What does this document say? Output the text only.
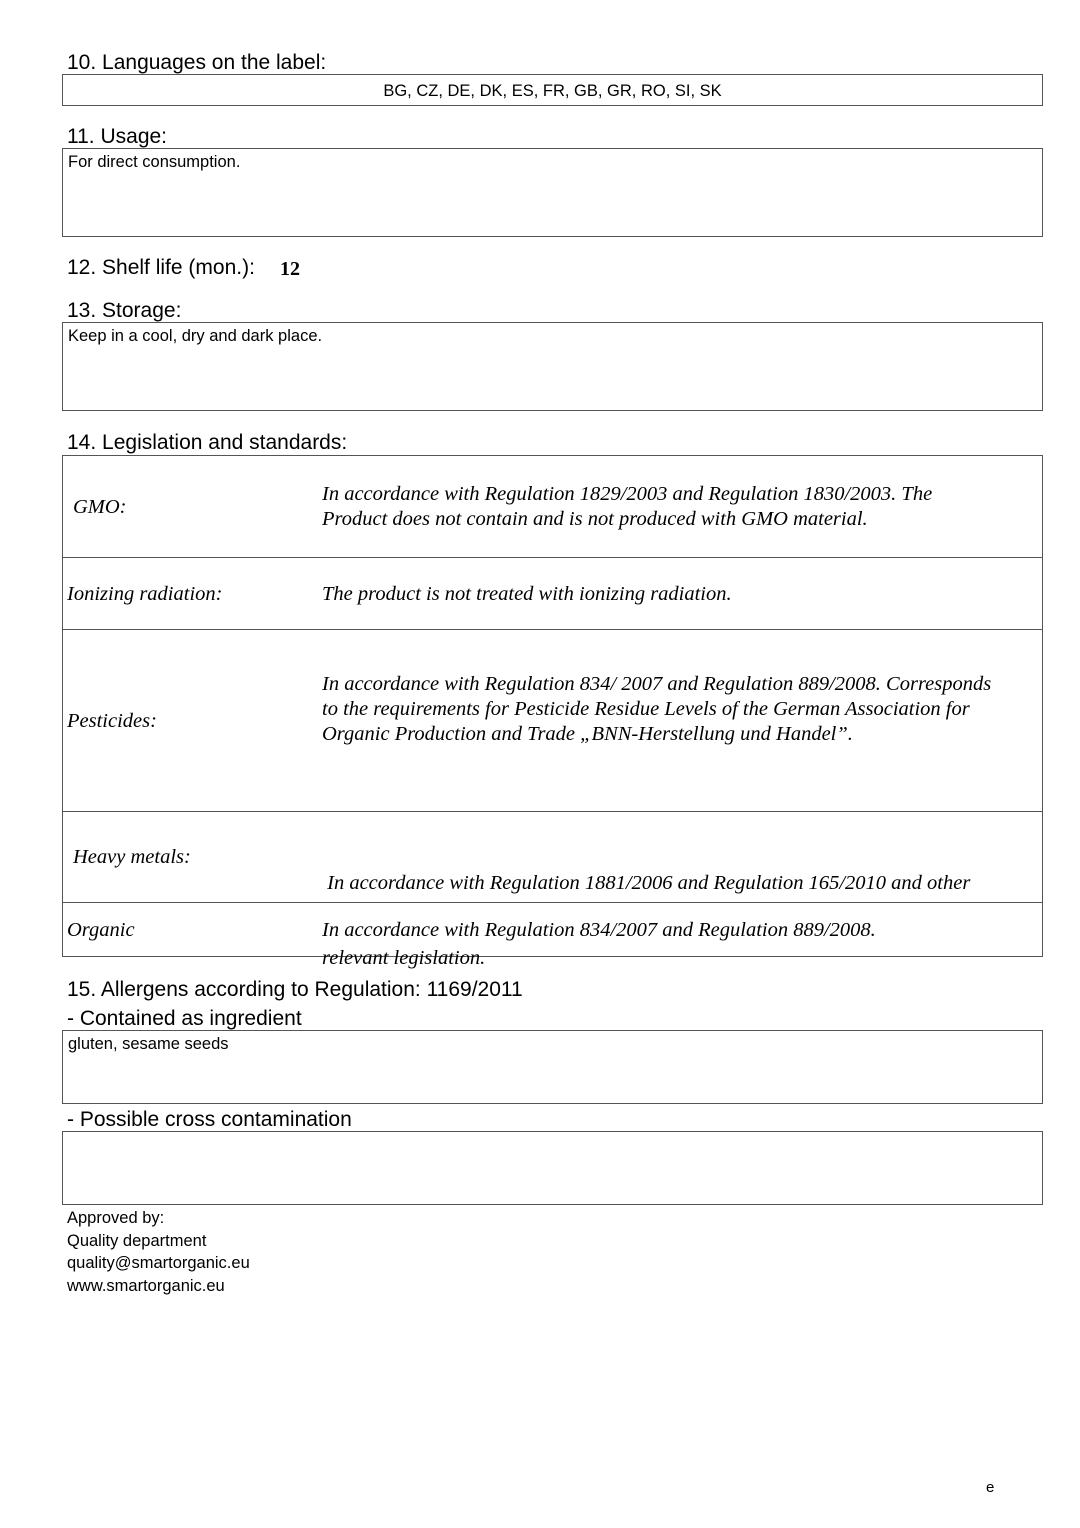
10. Languages on the label:
BG, CZ, DE, DK, ES, FR, GB, GR, RO, SI, SK
11. Usage:
For direct consumption.
12. Shelf life (mon.): 12
13. Storage:
Keep in a cool, dry and dark place.
14. Legislation and standards:
GMO:
In accordance with Regulation 1829/2003 and Regulation 1830/2003. The
Product does not contain and is not produced with GMO material.
Ionizing radiation:	The product is not treated with ionizing radiation.
Pesticides:
In accordance with Regulation 834/ 2007 and Regulation 889/2008. Corresponds
to the requirements for Pesticide Residue Levels of the German Association for
Organic Production and Trade „BNN-Herstellung und Handel”.
Heavy metals:

In accordance with Regulation 1881/2006 and Regulation 165/2010 and other

relevant legislation.

Organic	In accordance with Regulation 834/2007 and Regulation 889/2008.
15. Allergens according to Regulation: 1169/2011
- Contained as ingredient
gluten, sesame seeds
- Possible cross contamination
Approved by:
Quality department
quality@smartorganic.eu
www.smartorganic.eu
e
